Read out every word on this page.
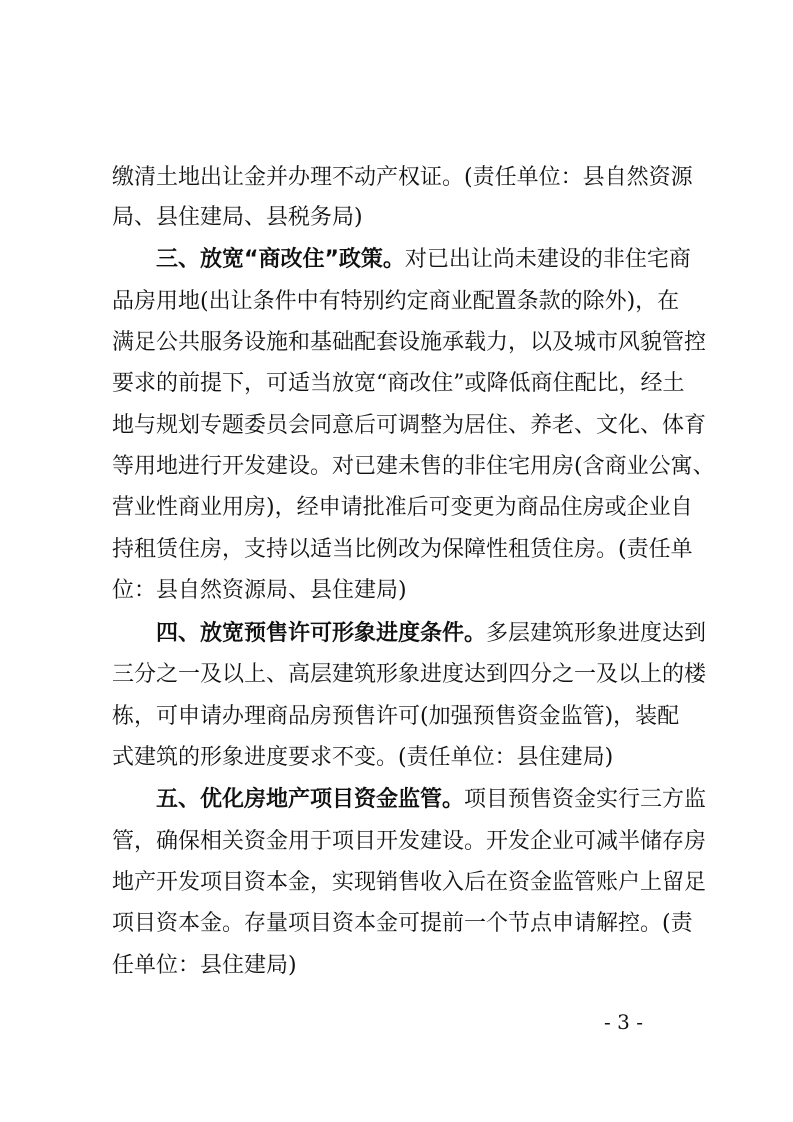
缴清土地出让金并办理不动产权证。(责任单位：县自然资源
局、县住建局、县税务局)
三、放宽“商改住”政策。对已出让尚未建设的非住宅商
品房用地(出让条件中有特别约定商业配置条款的除外)，在
满足公共服务设施和基础配套设施承载力，以及城市风貌管控
要求的前提下，可适当放宽“商改住”或降低商住配比，经土
地与规划专题委员会同意后可调整为居住、养老、文化、体育
等用地进行开发建设。对已建未售的非住宅用房(含商业公寓、
营业性商业用房)，经申请批准后可变更为商品住房或企业自
持租赁住房，支持以适当比例改为保障性租赁住房。(责任单
位：县自然资源局、县住建局)
四、放宽预售许可形象进度条件。多层建筑形象进度达到
三分之一及以上、高层建筑形象进度达到四分之一及以上的楼
栋，可申请办理商品房预售许可(加强预售资金监管)，装配
式建筑的形象进度要求不变。(责任单位：县住建局)
五、优化房地产项目资金监管。项目预售资金实行三方监
管，确保相关资金用于项目开发建设。开发企业可减半储存房
地产开发项目资本金，实现销售收入后在资金监管账户上留足
项目资本金。存量项目资本金可提前一个节点申请解控。(责
任单位：县住建局)
- 3 -
